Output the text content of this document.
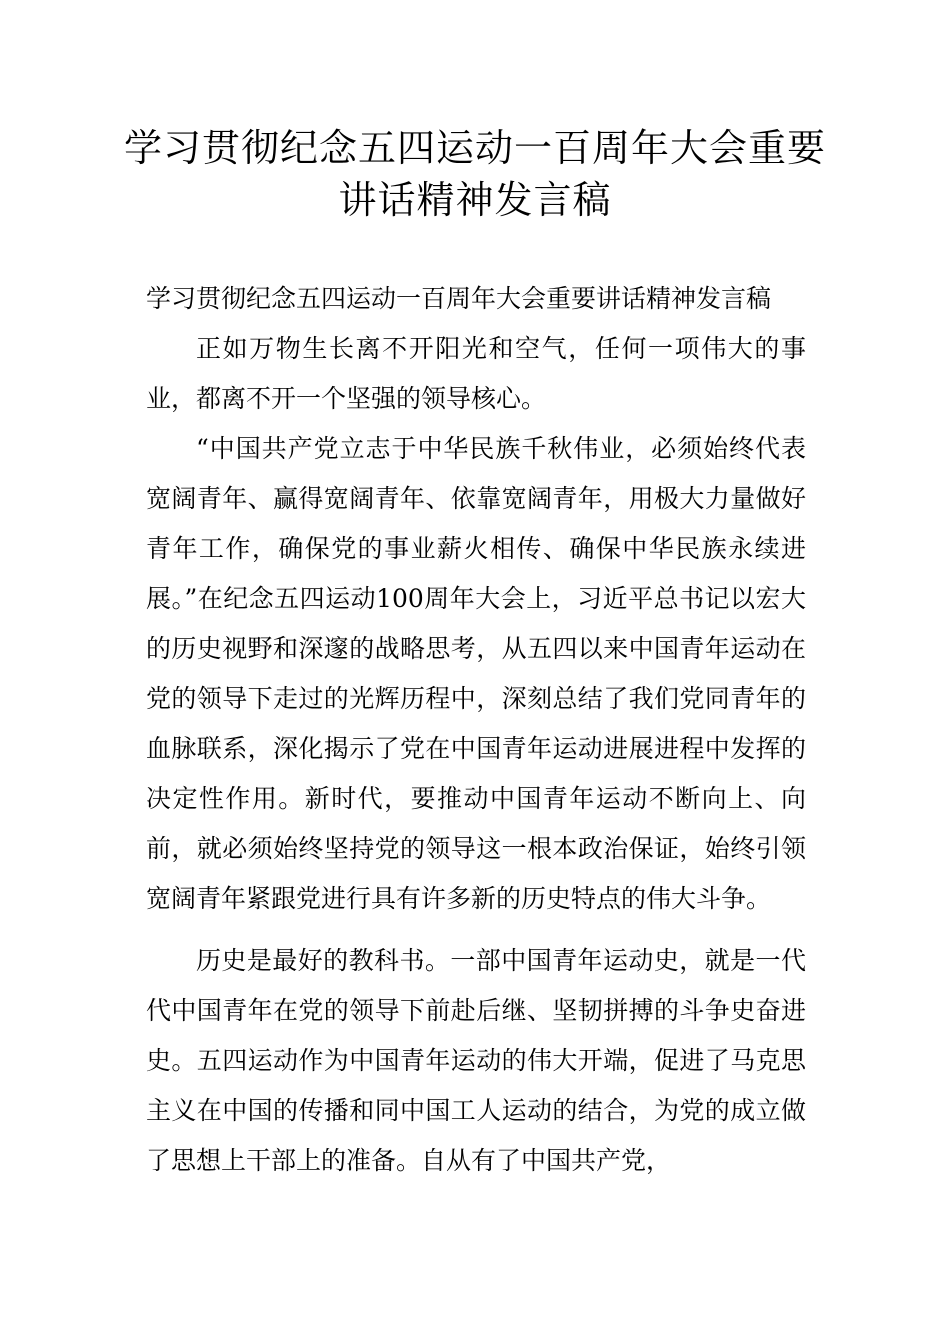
学习贯彻纪念五四运动一百周年大会重要讲话精神发言稿

学习贯彻纪念五四运动一百周年大会重要讲话精神发言稿

正如万物生长离不开阳光和空气，任何一项伟大的事业，都离不开一个坚强的领导核心。

“中国共产党立志于中华民族千秋伟业，必须始终代表宽阔青年、赢得宽阔青年、依靠宽阔青年，用极大力量做好青年工作，确保党的事业薪火相传、确保中华民族永续进展。”在纪念五四运动100周年大会上，习近平总书记以宏大的历史视野和深邃的战略思考，从五四以来中国青年运动在党的领导下走过的光辉历程中，深刻总结了我们党同青年的血脉联系，深化揭示了党在中国青年运动进展进程中发挥的决定性作用。新时代，要推动中国青年运动不断向上、向前，就必须始终坚持党的领导这一根本政治保证，始终引领宽阔青年紧跟党进行具有许多新的历史特点的伟大斗争。

历史是最好的教科书。一部中国青年运动史，就是一代代中国青年在党的领导下前赴后继、坚韧拼搏的斗争史奋进史。五四运动作为中国青年运动的伟大开端，促进了马克思主义在中国的传播和同中国工人运动的结合，为党的成立做了思想上干部上的准备。自从有了中国共产党，
